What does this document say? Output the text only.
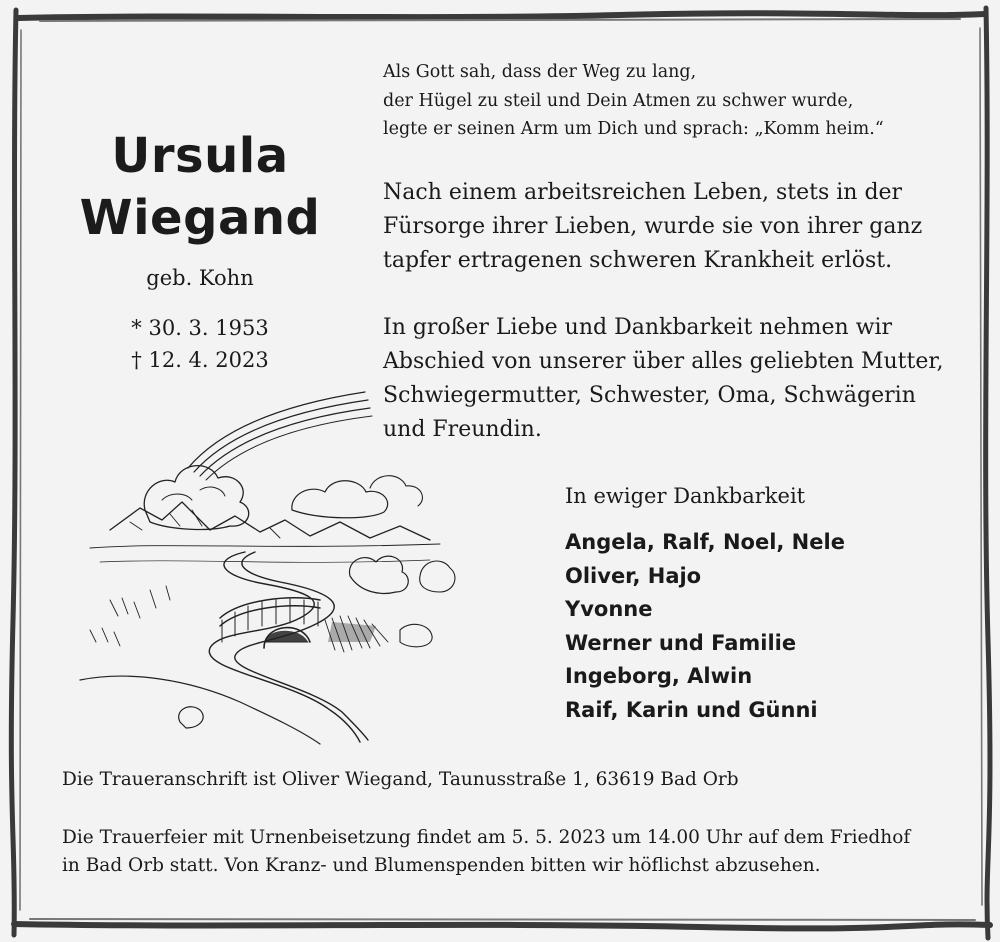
Ursula
Wiegand
geb. Kohn
* 30. 3. 1953
† 12. 4. 2023
Als Gott sah, dass der Weg zu lang,
der Hügel zu steil und Dein Atmen zu schwer wurde,
legte er seinen Arm um Dich und sprach: „Komm heim.“
Nach einem arbeitsreichen Leben, stets in der
Fürsorge ihrer Lieben, wurde sie von ihrer ganz
tapfer ertragenen schweren Krankheit erlöst.
In großer Liebe und Dankbarkeit nehmen wir
Abschied von unserer über alles geliebten Mutter,
Schwiegermutter, Schwester, Oma, Schwägerin
und Freundin.
In ewiger Dankbarkeit
Angela, Ralf, Noel, Nele
Oliver, Hajo
Yvonne
Werner und Familie
Ingeborg, Alwin
Raif, Karin und Günni
Die Traueranschrift ist Oliver Wiegand, Taunusstraße 1, 63619 Bad Orb
Die Trauerfeier mit Urnenbeisetzung findet am 5. 5. 2023 um 14.00 Uhr auf dem Friedhof
in Bad Orb statt. Von Kranz- und Blumenspenden bitten wir höflichst abzusehen.
